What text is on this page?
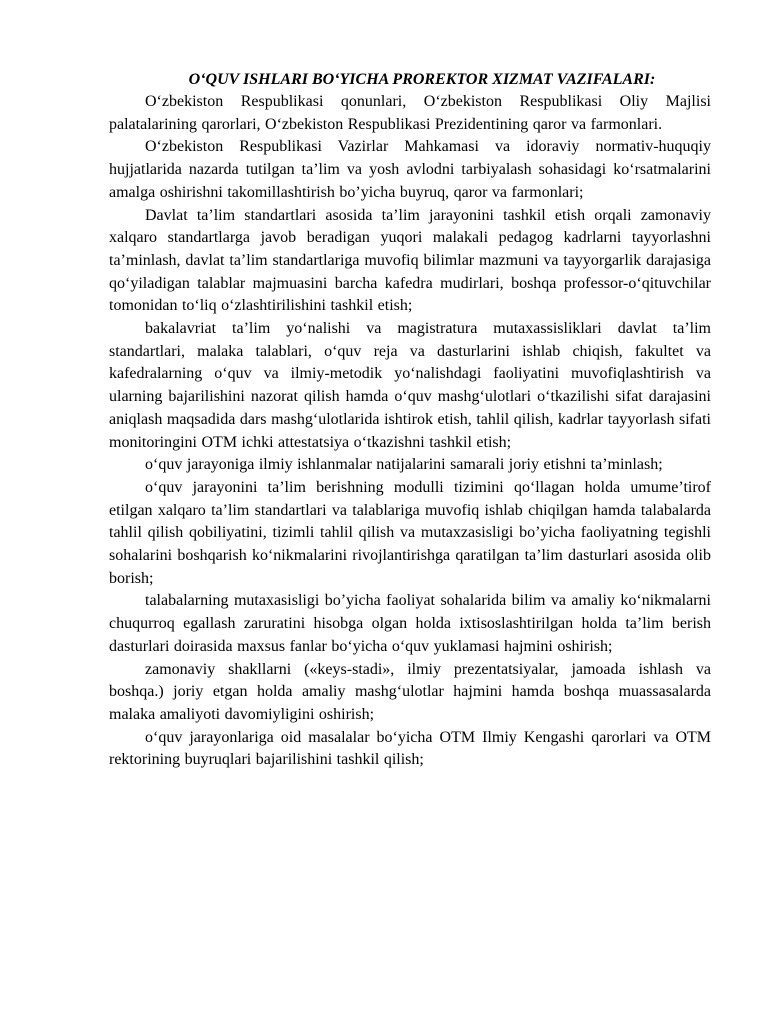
O‘QUV ISHLARI BO‘YICHA PROREKTOR XIZMAT VAZIFALARI:

O‘zbekiston Respublikasi qonunlari, O‘zbekiston Respublikasi Oliy Majlisi palatalarining qarorlari, O‘zbekiston Respublikasi Prezidentining qaror va farmonlari.

O‘zbekiston Respublikasi Vazirlar Mahkamasi va idoraviy normativ-huquqiy hujjatlarida nazarda tutilgan ta’lim va yosh avlodni tarbiyalash sohasidagi ko‘rsatmalarini amalga oshirishni takomillashtirish bo’yicha buyruq, qaror va farmonlari;

Davlat ta’lim standartlari asosida ta’lim jarayonini tashkil etish orqali zamonaviy xalqaro standartlarga javob beradigan yuqori malakali pedagog kadrlarni tayyorlashni ta’minlash, davlat ta’lim standartlariga muvofiq bilimlar mazmuni va tayyorgarlik darajasiga qo‘yiladigan talablar majmuasini barcha kafedra mudirlari, boshqa professor-o‘qituvchilar tomonidan to‘liq o‘zlashtirilishini tashkil etish;

bakalavriat ta’lim yo‘nalishi va magistratura mutaxassisliklari davlat ta’lim standartlari, malaka talablari, o‘quv reja va dasturlarini ishlab chiqish, fakultet va kafedralarning o‘quv va ilmiy-metodik yo‘nalishdagi faoliyatini muvofiqlashtirish va ularning bajarilishini nazorat qilish hamda o‘quv mashg‘ulotlari o‘tkazilishi sifat darajasini aniqlash maqsadida dars mashg‘ulotlarida ishtirok etish, tahlil qilish, kadrlar tayyorlash sifati monitoringini OTM ichki attestatsiya o‘tkazishni tashkil etish;

o‘quv jarayoniga ilmiy ishlanmalar natijalarini samarali joriy etishni ta’minlash;

o‘quv jarayonini ta’lim berishning modulli tizimini qo‘llagan holda umume’tirof etilgan xalqaro ta’lim standartlari va talablariga muvofiq ishlab chiqilgan hamda talabalarda tahlil qilish qobiliyatini, tizimli tahlil qilish va mutaxzasisligi bo’yicha faoliyatning tegishli sohalarini boshqarish ko‘nikmalarini rivojlantirishga qaratilgan ta’lim dasturlari asosida olib borish;

talabalarning mutaxasisligi bo’yicha faoliyat sohalarida bilim va amaliy ko‘nikmalarni chuqurroq egallash zaruratini hisobga olgan holda ixtisoslashtirilgan holda ta’lim berish dasturlari doirasida maxsus fanlar bo‘yicha o‘quv yuklamasi hajmini oshirish;

zamonaviy shakllarni («keys-stadi», ilmiy prezentatsiyalar, jamoada ishlash va boshqa.) joriy etgan holda amaliy mashg‘ulotlar hajmini hamda boshqa muassasalarda malaka amaliyoti davomiyligini oshirish;

o‘quv jarayonlariga oid masalalar bo‘yicha OTM Ilmiy Kengashi qarorlari va OTM rektorining buyruqlari bajarilishini tashkil qilish;
